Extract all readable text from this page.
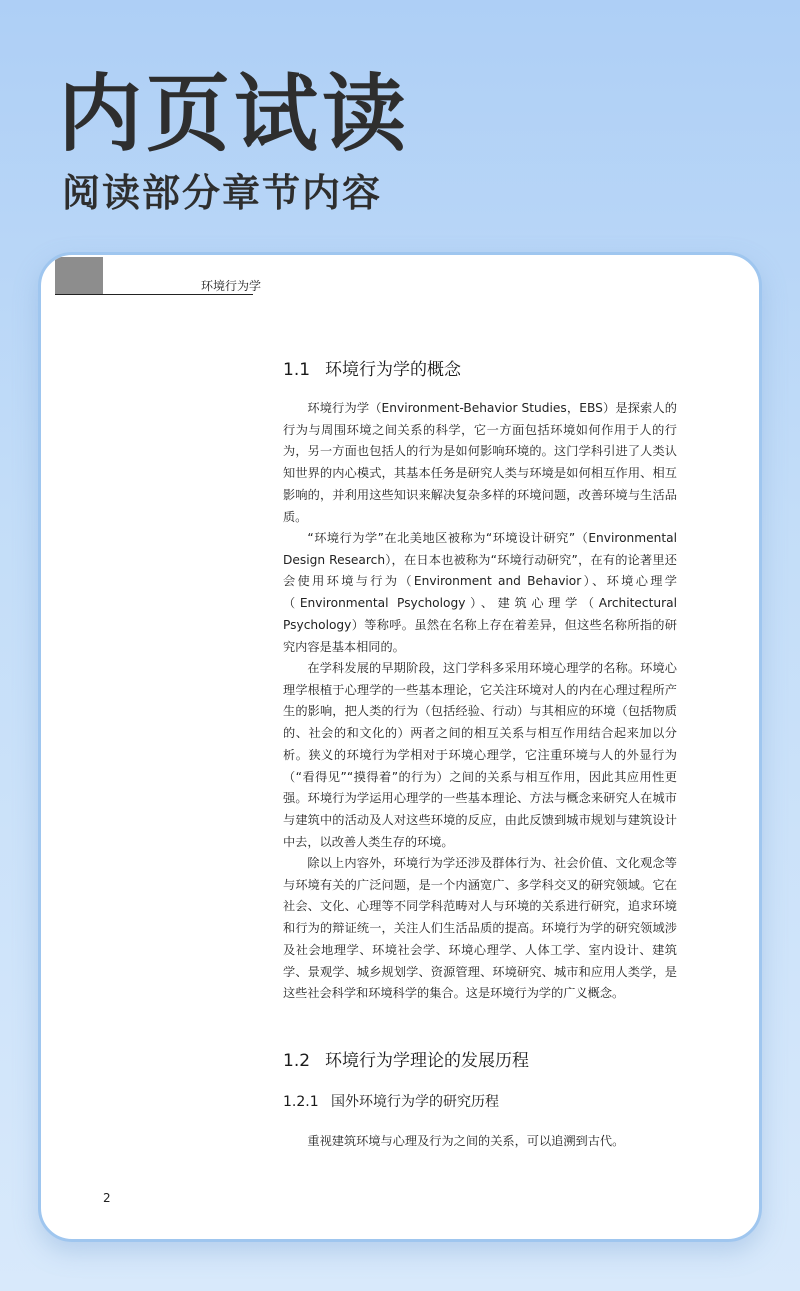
内页试读
阅读部分章节内容
环境行为学
1.1 环境行为学的概念

环境行为学（Environment-Behavior Studies，EBS）是探索人的行为与周围环境之间关系的科学，它一方面包括环境如何作用于人的行为，另一方面也包括人的行为是如何影响环境的。这门学科引进了人类认知世界的内心模式，其基本任务是研究人类与环境是如何相互作用、相互影响的，并利用这些知识来解决复杂多样的环境问题，改善环境与生活品质。

“环境行为学”在北美地区被称为“环境设计研究”（Environmental Design Research），在日本也被称为“环境行动研究”，在有的论著里还会使用环境与行为（Environment and Behavior）、环境心理学（Environmental Psychology）、建筑心理学（Architectural Psychology）等称呼。虽然在名称上存在着差异，但这些名称所指的研究内容是基本相同的。

在学科发展的早期阶段，这门学科多采用环境心理学的名称。环境心理学根植于心理学的一些基本理论，它关注环境对人的内在心理过程所产生的影响，把人类的行为（包括经验、行动）与其相应的环境（包括物质的、社会的和文化的）两者之间的相互关系与相互作用结合起来加以分析。狭义的环境行为学相对于环境心理学，它注重环境与人的外显行为（“看得见”“摸得着”的行为）之间的关系与相互作用，因此其应用性更强。环境行为学运用心理学的一些基本理论、方法与概念来研究人在城市与建筑中的活动及人对这些环境的反应，由此反馈到城市规划与建筑设计中去，以改善人类生存的环境。

除以上内容外，环境行为学还涉及群体行为、社会价值、文化观念等与环境有关的广泛问题，是一个内涵宽广、多学科交叉的研究领域。它在社会、文化、心理等不同学科范畴对人与环境的关系进行研究，追求环境和行为的辩证统一，关注人们生活品质的提高。环境行为学的研究领域涉及社会地理学、环境社会学、环境心理学、人体工学、室内设计、建筑学、景观学、城乡规划学、资源管理、环境研究、城市和应用人类学，是这些社会科学和环境科学的集合。这是环境行为学的广义概念。

1.2 环境行为学理论的发展历程
1.2.1 国外环境行为学的研究历程

重视建筑环境与心理及行为之间的关系，可以追溯到古代。

2
